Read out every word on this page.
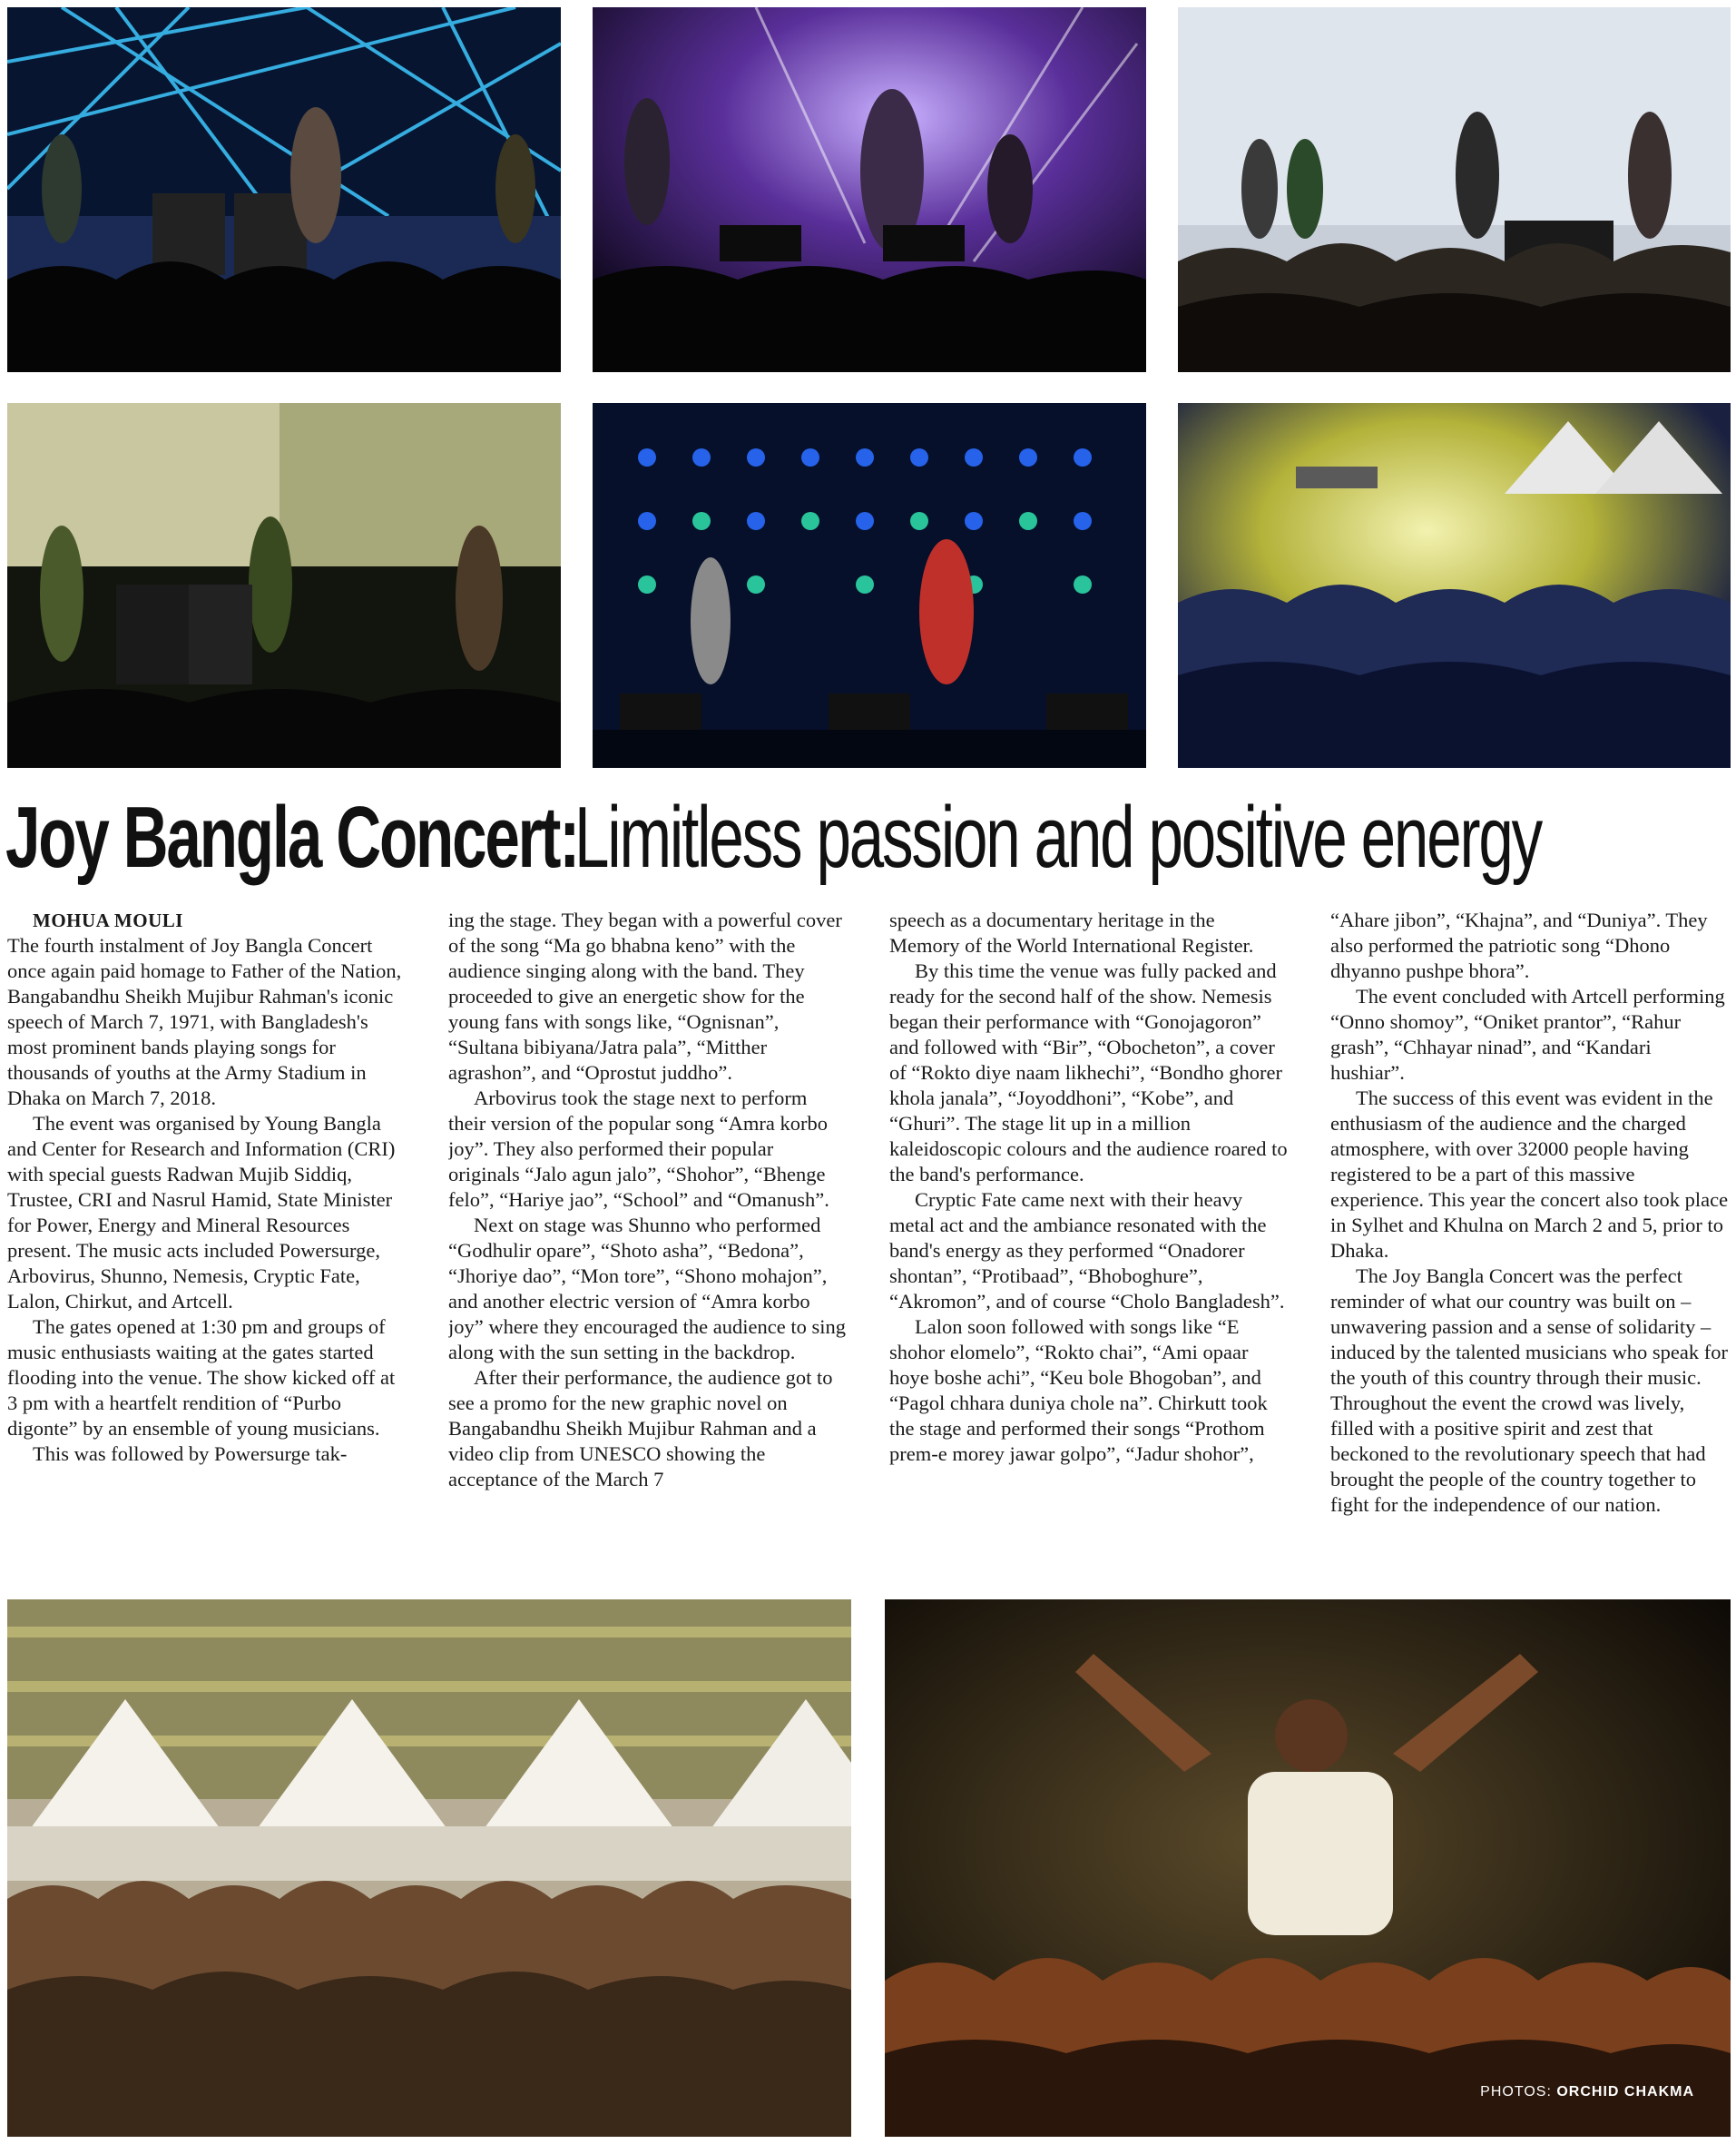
Joy Bangla Concert:Limitless passion and positive energy

MOHUA MOULI

The fourth instalment of Joy Bangla Concert once again paid homage to Father of the Nation, Bangabandhu Sheikh Mujibur Rahman's iconic speech of March 7, 1971, with Bangladesh's most prominent bands playing songs for thousands of youths at the Army Stadium in Dhaka on March 7, 2018.

The event was organised by Young Bangla and Center for Research and Information (CRI) with special guests Radwan Mujib Siddiq, Trustee, CRI and Nasrul Hamid, State Minister for Power, Energy and Mineral Resources present. The music acts included Powersurge, Arbovirus, Shunno, Nemesis, Cryptic Fate, Lalon, Chirkut, and Artcell.

The gates opened at 1:30 pm and groups of music enthusiasts waiting at the gates started flooding into the venue. The show kicked off at 3 pm with a heartfelt rendition of “Purbo digonte” by an ensemble of young musicians.

This was followed by Powersurge tak-

ing the stage. They began with a powerful cover of the song “Ma go bhabna keno” with the audience singing along with the band. They proceeded to give an energetic show for the young fans with songs like, “Ognisnan”, “Sultana bibiyana/Jatra pala”, “Mitther agrashon”, and “Oprostut juddho”.

Arbovirus took the stage next to perform their version of the popular song “Amra korbo joy”. They also performed their popular originals “Jalo agun jalo”, “Shohor”, “Bhenge felo”, “Hariye jao”, “School” and “Omanush”.

Next on stage was Shunno who performed “Godhulir opare”, “Shoto asha”, “Bedona”, “Jhoriye dao”, “Mon tore”, “Shono mohajon”, and another electric version of “Amra korbo joy” where they encouraged the audience to sing along with the sun setting in the backdrop.

After their performance, the audience got to see a promo for the new graphic novel on Bangabandhu Sheikh Mujibur Rahman and a video clip from UNESCO showing the acceptance of the March 7

speech as a documentary heritage in the Memory of the World International Register.

By this time the venue was fully packed and ready for the second half of the show. Nemesis began their performance with “Gonojagoron” and followed with “Bir”, “Obocheton”, a cover of “Rokto diye naam likhechi”, “Bondho ghorer khola janala”, “Joyoddhoni”, “Kobe”, and “Ghuri”. The stage lit up in a million kaleidoscopic colours and the audience roared to the band's performance.

Cryptic Fate came next with their heavy metal act and the ambiance resonated with the band's energy as they performed “Onadorer shontan”, “Protibaad”, “Bhoboghure”, “Akromon”, and of course “Cholo Bangladesh”.

Lalon soon followed with songs like “E shohor elomelo”, “Rokto chai”, “Ami opaar hoye boshe achi”, “Keu bole Bhogoban”, and “Pagol chhara duniya chole na”. Chirkutt took the stage and performed their songs “Prothom prem-e morey jawar golpo”, “Jadur shohor”,

“Ahare jibon”, “Khajna”, and “Duniya”. They also performed the patriotic song “Dhono dhyanno pushpe bhora”.

The event concluded with Artcell performing “Onno shomoy”, “Oniket prantor”, “Rahur grash”, “Chhayar ninad”, and “Kandari hushiar”.

The success of this event was evident in the enthusiasm of the audience and the charged atmosphere, with over 32000 people having registered to be a part of this massive experience. This year the concert also took place in Sylhet and Khulna on March 2 and 5, prior to Dhaka.

The Joy Bangla Concert was the perfect reminder of what our country was built on – unwavering passion and a sense of solidarity – induced by the talented musicians who speak for the youth of this country through their music. Throughout the event the crowd was lively, filled with a positive spirit and zest that beckoned to the revolutionary speech that had brought the people of the country together to fight for the independence of our nation.

PHOTOS: ORCHID CHAKMA
